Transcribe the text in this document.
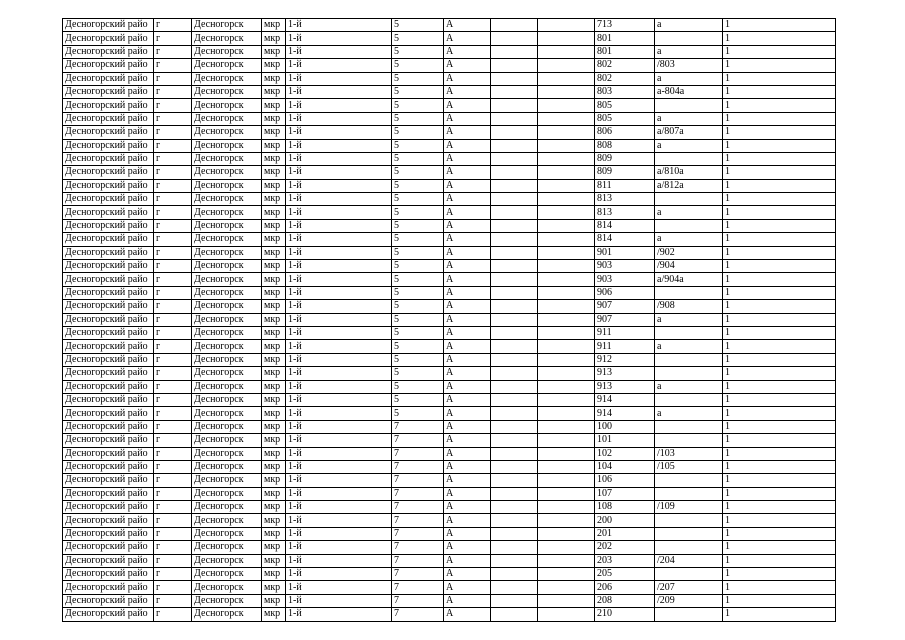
Десногорский райо	г	Десногорск	мкр	1-й	5	А			713	а	1
Десногорский райо	г	Десногорск	мкр	1-й	5	А			801		1
Десногорский райо	г	Десногорск	мкр	1-й	5	А			801	а	1
Десногорский райо	г	Десногорск	мкр	1-й	5	А			802	/803	1
Десногорский райо	г	Десногорск	мкр	1-й	5	А			802	а	1
Десногорский райо	г	Десногорск	мкр	1-й	5	А			803	а-804а	1
Десногорский райо	г	Десногорск	мкр	1-й	5	А			805		1
Десногорский райо	г	Десногорск	мкр	1-й	5	А			805	а	1
Десногорский райо	г	Десногорск	мкр	1-й	5	А			806	а/807а	1
Десногорский райо	г	Десногорск	мкр	1-й	5	А			808	а	1
Десногорский райо	г	Десногорск	мкр	1-й	5	А			809		1
Десногорский райо	г	Десногорск	мкр	1-й	5	А			809	а/810а	1
Десногорский райо	г	Десногорск	мкр	1-й	5	А			811	а/812а	1
Десногорский райо	г	Десногорск	мкр	1-й	5	А			813		1
Десногорский райо	г	Десногорск	мкр	1-й	5	А			813	а	1
Десногорский райо	г	Десногорск	мкр	1-й	5	А			814		1
Десногорский райо	г	Десногорск	мкр	1-й	5	А			814	а	1
Десногорский райо	г	Десногорск	мкр	1-й	5	А			901	/902	1
Десногорский райо	г	Десногорск	мкр	1-й	5	А			903	/904	1
Десногорский райо	г	Десногорск	мкр	1-й	5	А			903	а/904а	1
Десногорский райо	г	Десногорск	мкр	1-й	5	А			906		1
Десногорский райо	г	Десногорск	мкр	1-й	5	А			907	/908	1
Десногорский райо	г	Десногорск	мкр	1-й	5	А			907	а	1
Десногорский райо	г	Десногорск	мкр	1-й	5	А			911		1
Десногорский райо	г	Десногорск	мкр	1-й	5	А			911	а	1
Десногорский райо	г	Десногорск	мкр	1-й	5	А			912		1
Десногорский райо	г	Десногорск	мкр	1-й	5	А			913		1
Десногорский райо	г	Десногорск	мкр	1-й	5	А			913	а	1
Десногорский райо	г	Десногорск	мкр	1-й	5	А			914		1
Десногорский райо	г	Десногорск	мкр	1-й	5	А			914	а	1
Десногорский райо	г	Десногорск	мкр	1-й	7	А			100		1
Десногорский райо	г	Десногорск	мкр	1-й	7	А			101		1
Десногорский райо	г	Десногорск	мкр	1-й	7	А			102	/103	1
Десногорский райо	г	Десногорск	мкр	1-й	7	А			104	/105	1
Десногорский райо	г	Десногорск	мкр	1-й	7	А			106		1
Десногорский райо	г	Десногорск	мкр	1-й	7	А			107		1
Десногорский райо	г	Десногорск	мкр	1-й	7	А			108	/109	1
Десногорский райо	г	Десногорск	мкр	1-й	7	А			200		1
Десногорский райо	г	Десногорск	мкр	1-й	7	А			201		1
Десногорский райо	г	Десногорск	мкр	1-й	7	А			202		1
Десногорский райо	г	Десногорск	мкр	1-й	7	А			203	/204	1
Десногорский райо	г	Десногорск	мкр	1-й	7	А			205		1
Десногорский райо	г	Десногорск	мкр	1-й	7	А			206	/207	1
Десногорский райо	г	Десногорск	мкр	1-й	7	А			208	/209	1
Десногорский райо	г	Десногорск	мкр	1-й	7	А			210		1
